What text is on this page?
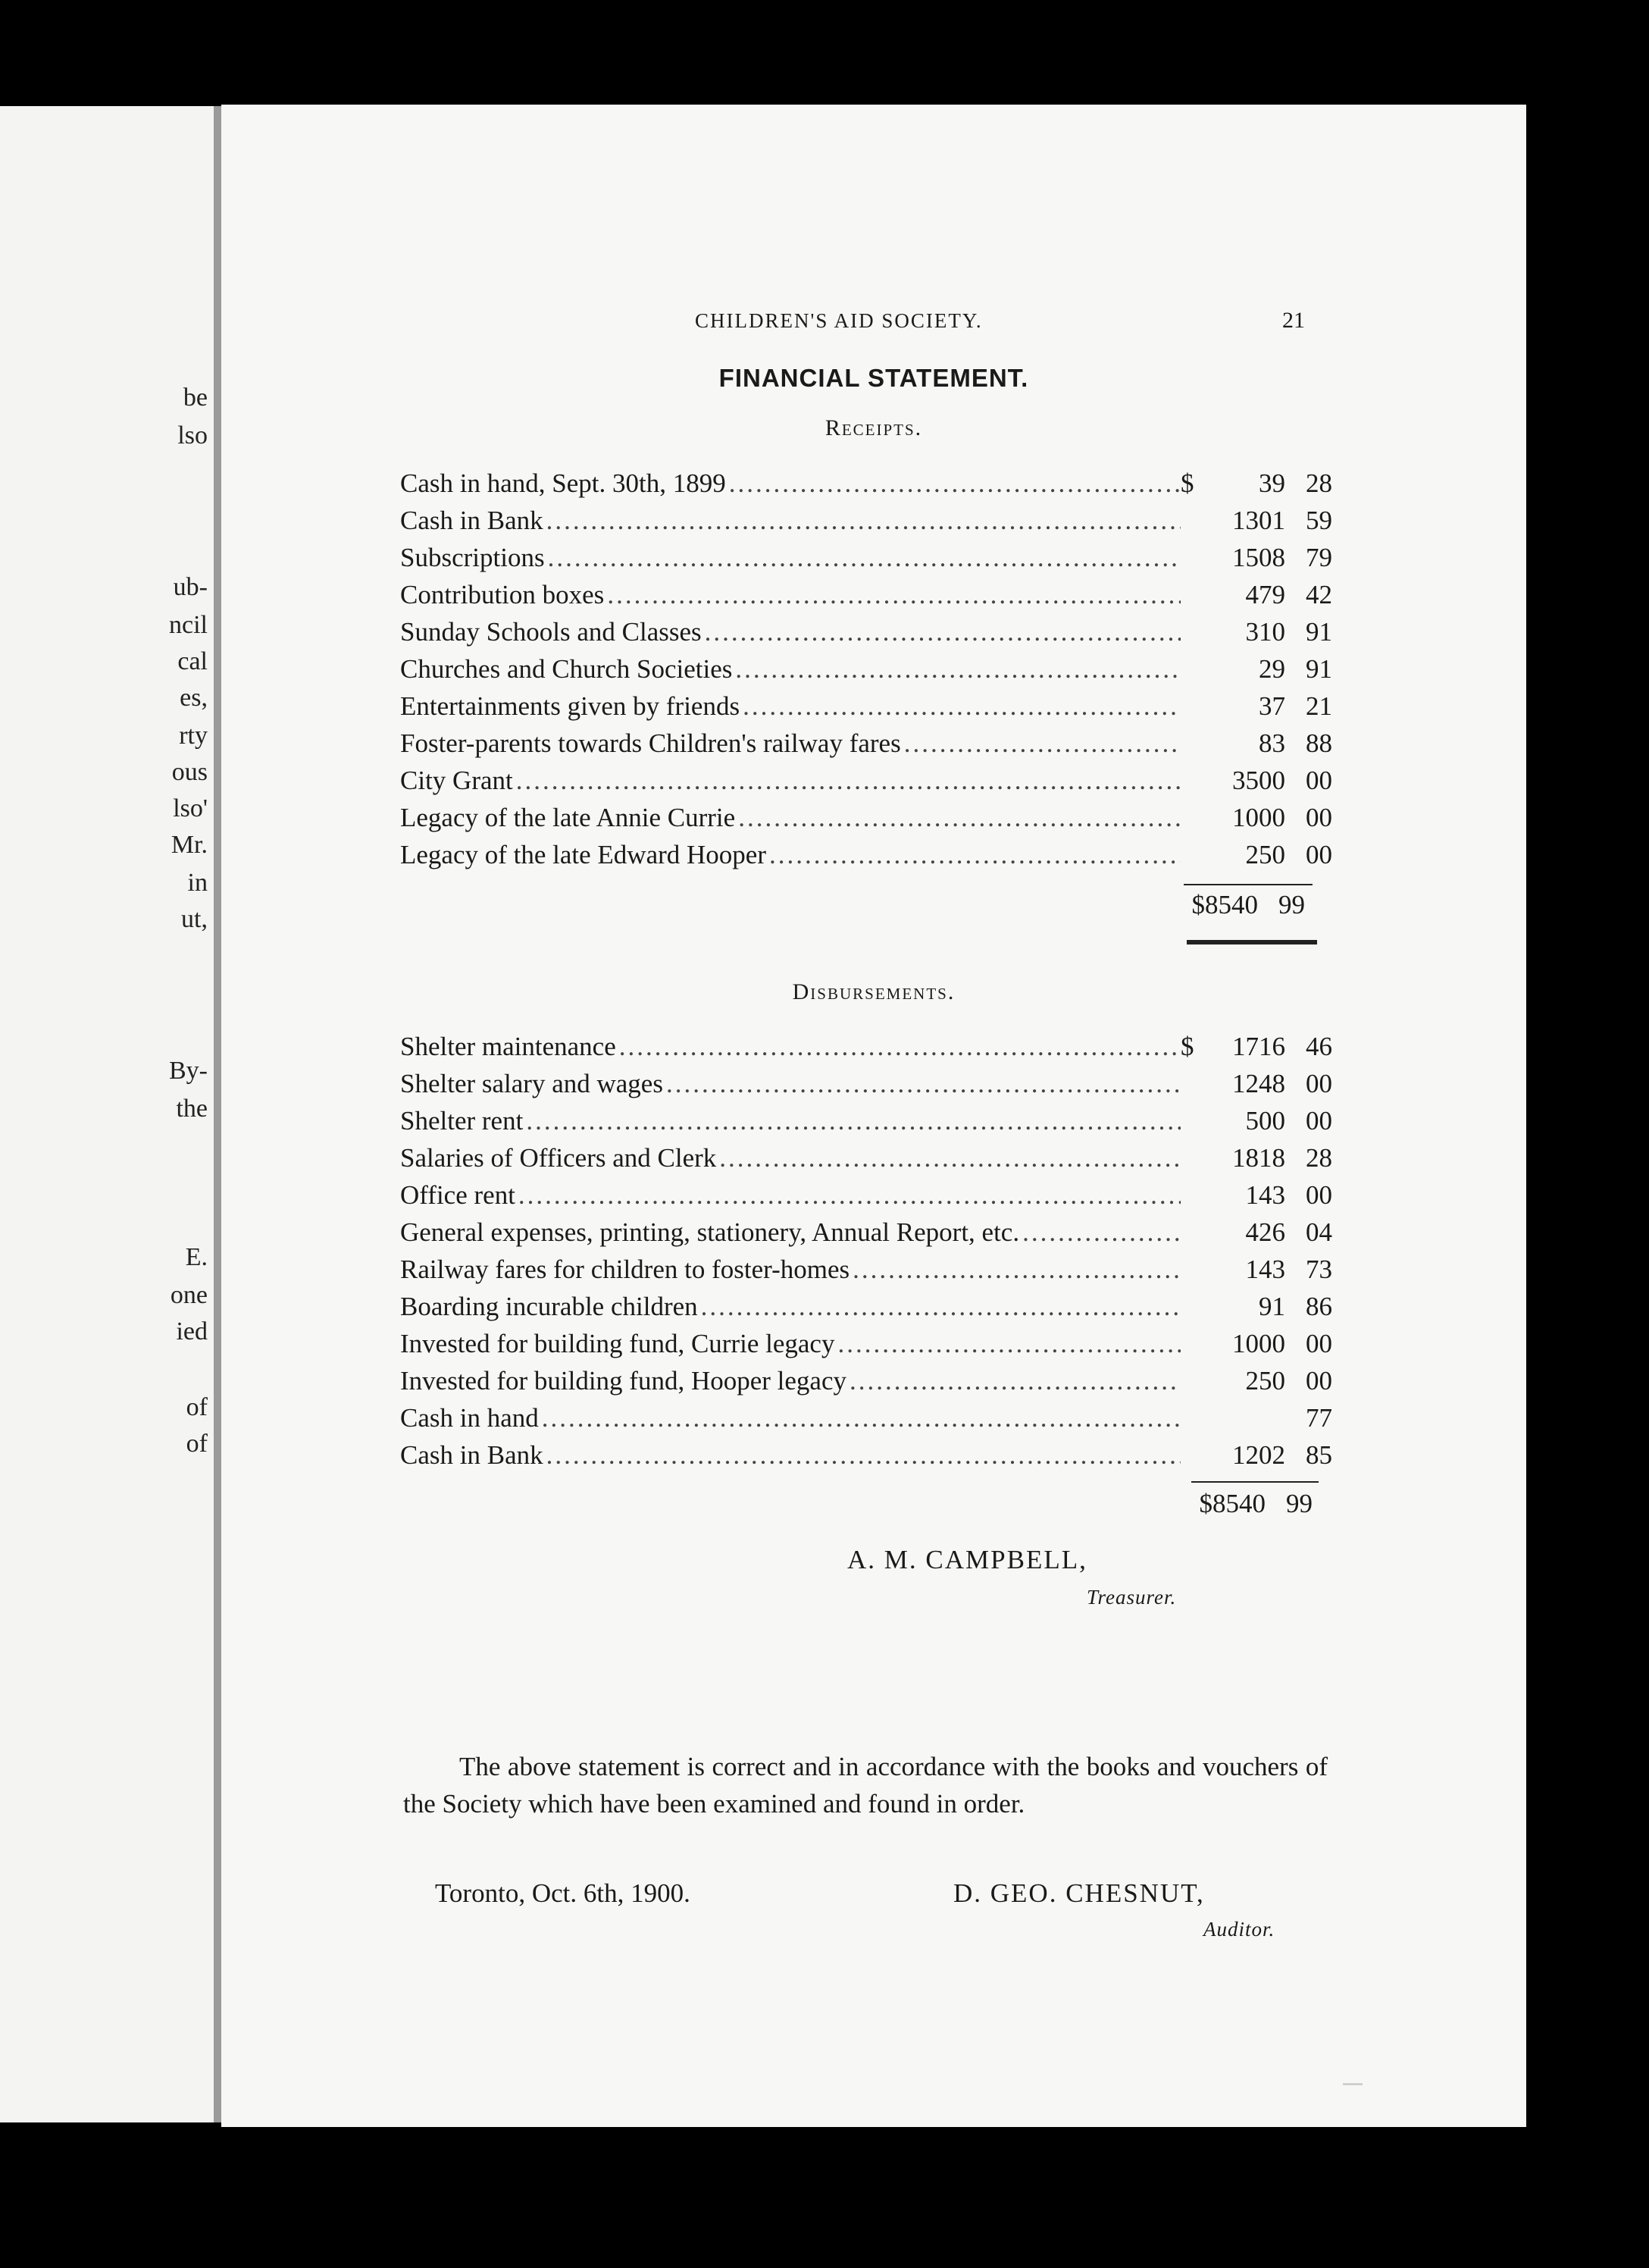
be
lso
ub-
ncil
cal
es,
rty
ous
lso'
Mr.
in
ut,
By-
the
E.
one
ied
of
of
CHILDREN'S AID SOCIETY.	21
FINANCIAL STATEMENT.
Receipts.
Cash in hand, Sept. 30th, 1899 .....	$	39 28
Cash in Bank .....	1301 59
Subscriptions .....	1508 79
Contribution boxes .....	479 42
Sunday Schools and Classes .....	310 91
Churches and Church Societies .....	29 91
Entertainments given by friends .....	37 21
Foster-parents towards Children's railway fares .....	83 88
City Grant .....	3500 00
Legacy of the late Annie Currie .....	1000 00
Legacy of the late Edward Hooper .....	250 00
$8540 99
Disbursements.
Shelter maintenance .....	$	1716 46
Shelter salary and wages .....	1248 00
Shelter rent .....	500 00
Salaries of Officers and Clerk .....	1818 28
Office rent .....	143 00
General expenses, printing, stationery, Annual Report, etc. .....	426 04
Railway fares for children to foster-homes .....	143 73
Boarding incurable children .....	91 86
Invested for building fund, Currie legacy .....	1000 00
Invested for building fund, Hooper legacy .....	250 00
Cash in hand .....	77
Cash in Bank .....	1202 85
$8540 99
A. M. CAMPBELL,
Treasurer.
The above statement is correct and in accordance with the books and vouchers of the Society which have been examined and found in order.
Toronto, Oct. 6th, 1900.	D. GEO. CHESNUT,
Auditor.
